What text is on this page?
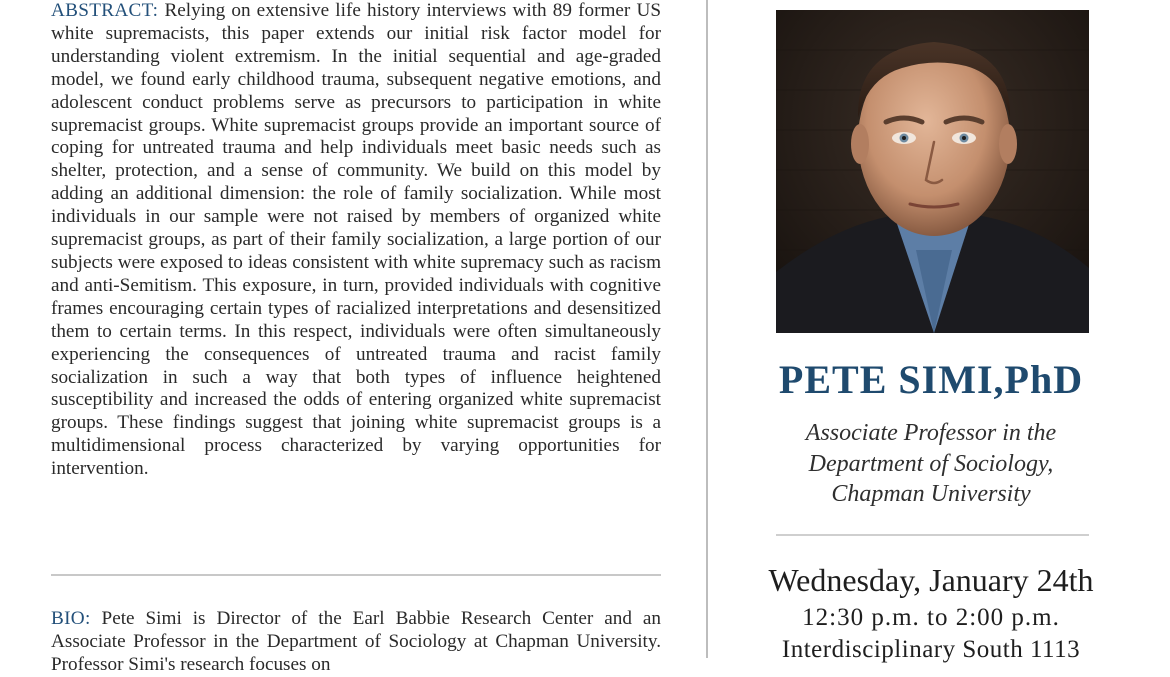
ABSTRACT: Relying on extensive life history interviews with 89 former US white supremacists, this paper extends our initial risk factor model for understanding violent extremism. In the initial sequential and age-graded model, we found early childhood trauma, subsequent negative emotions, and adolescent conduct problems serve as precursors to participation in white supremacist groups. White supremacist groups provide an important source of coping for untreated trauma and help individuals meet basic needs such as shelter, protection, and a sense of community. We build on this model by adding an additional dimension: the role of family socialization. While most individuals in our sample were not raised by members of organized white supremacist groups, as part of their family socialization, a large portion of our subjects were exposed to ideas consistent with white supremacy such as racism and anti-Semitism. This exposure, in turn, provided individuals with cognitive frames encouraging certain types of racialized interpretations and desensitized them to certain terms. In this respect, individuals were often simultaneously experiencing the consequences of untreated trauma and racist family socialization in such a way that both types of influence heightened susceptibility and increased the odds of entering organized white supremacist groups. These findings suggest that joining white supremacist groups is a multidimensional process characterized by varying opportunities for intervention.

BIO: Pete Simi is Director of the Earl Babbie Research Center and an Associate Professor in the Department of Sociology at Chapman University. Professor Simi's research focuses on

PETE SIMI,PhD
Associate Professor in the
Department of Sociology,
Chapman University
Wednesday, January 24th
12:30 p.m. to 2:00 p.m.
Interdisciplinary South 1113
